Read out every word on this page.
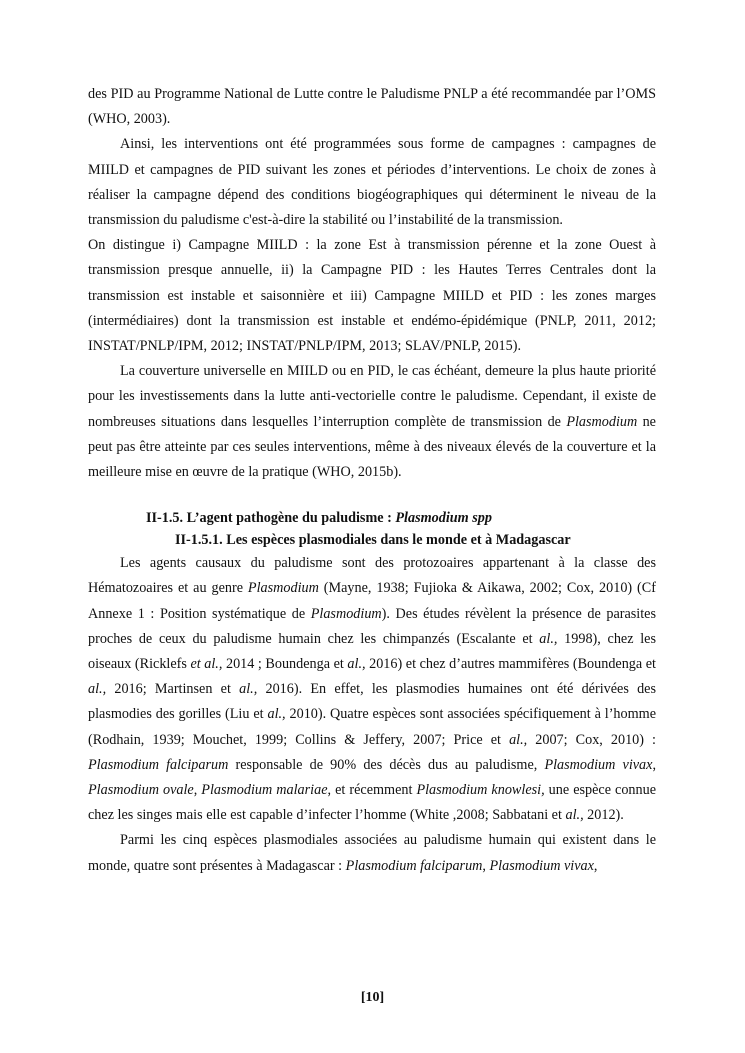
des PID au Programme National de Lutte contre le Paludisme PNLP a été recommandée par l’OMS (WHO, 2003).

Ainsi, les interventions ont été programmées sous forme de campagnes : campagnes de MIILD et campagnes de PID suivant les zones et périodes d’interventions. Le choix de zones à réaliser la campagne dépend des conditions biogéographiques qui déterminent le niveau de la transmission du paludisme c'est-à-dire la stabilité ou l’instabilité de la transmission.

On distingue i) Campagne MIILD : la zone Est à transmission pérenne et la zone Ouest à transmission presque annuelle, ii) la Campagne PID : les Hautes Terres Centrales dont la transmission est instable et saisonnière et iii) Campagne MIILD et PID : les zones marges (intermédiaires) dont la transmission est instable et endémo-épidémique (PNLP, 2011, 2012; INSTAT/PNLP/IPM, 2012; INSTAT/PNLP/IPM, 2013; SLAV/PNLP, 2015).

La couverture universelle en MIILD ou en PID, le cas échéant, demeure la plus haute priorité pour les investissements dans la lutte anti-vectorielle contre le paludisme. Cependant, il existe de nombreuses situations dans lesquelles l’interruption complète de transmission de Plasmodium ne peut pas être atteinte par ces seules interventions, même à des niveaux élevés de la couverture et la meilleure mise en œuvre de la pratique (WHO, 2015b).

II-1.5. L’agent pathogène du paludisme : Plasmodium spp
II-1.5.1. Les espèces plasmodiales dans le monde et à Madagascar

Les agents causaux du paludisme sont des protozoaires appartenant à la classe des Hématozoaires et au genre Plasmodium (Mayne, 1938; Fujioka & Aikawa, 2002; Cox, 2010) (Cf Annexe 1 : Position systématique de Plasmodium). Des études révèlent la présence de parasites proches de ceux du paludisme humain chez les chimpanzés (Escalante et al., 1998), chez les oiseaux (Ricklefs et al., 2014 ; Boundenga et al., 2016) et chez d’autres mammifères (Boundenga et al., 2016; Martinsen et al., 2016). En effet, les plasmodies humaines ont été dérivées des plasmodies des gorilles (Liu et al., 2010). Quatre espèces sont associées spécifiquement à l’homme (Rodhain, 1939; Mouchet, 1999; Collins & Jeffery, 2007; Price et al., 2007; Cox, 2010) : Plasmodium falciparum responsable de 90% des décès dus au paludisme, Plasmodium vivax, Plasmodium ovale, Plasmodium malariae, et récemment Plasmodium knowlesi, une espèce connue chez les singes mais elle est capable d’infecter l’homme (White ,2008; Sabbatani et al., 2012).

Parmi les cinq espèces plasmodiales associées au paludisme humain qui existent dans le monde, quatre sont présentes à Madagascar : Plasmodium falciparum, Plasmodium vivax,

[10]
